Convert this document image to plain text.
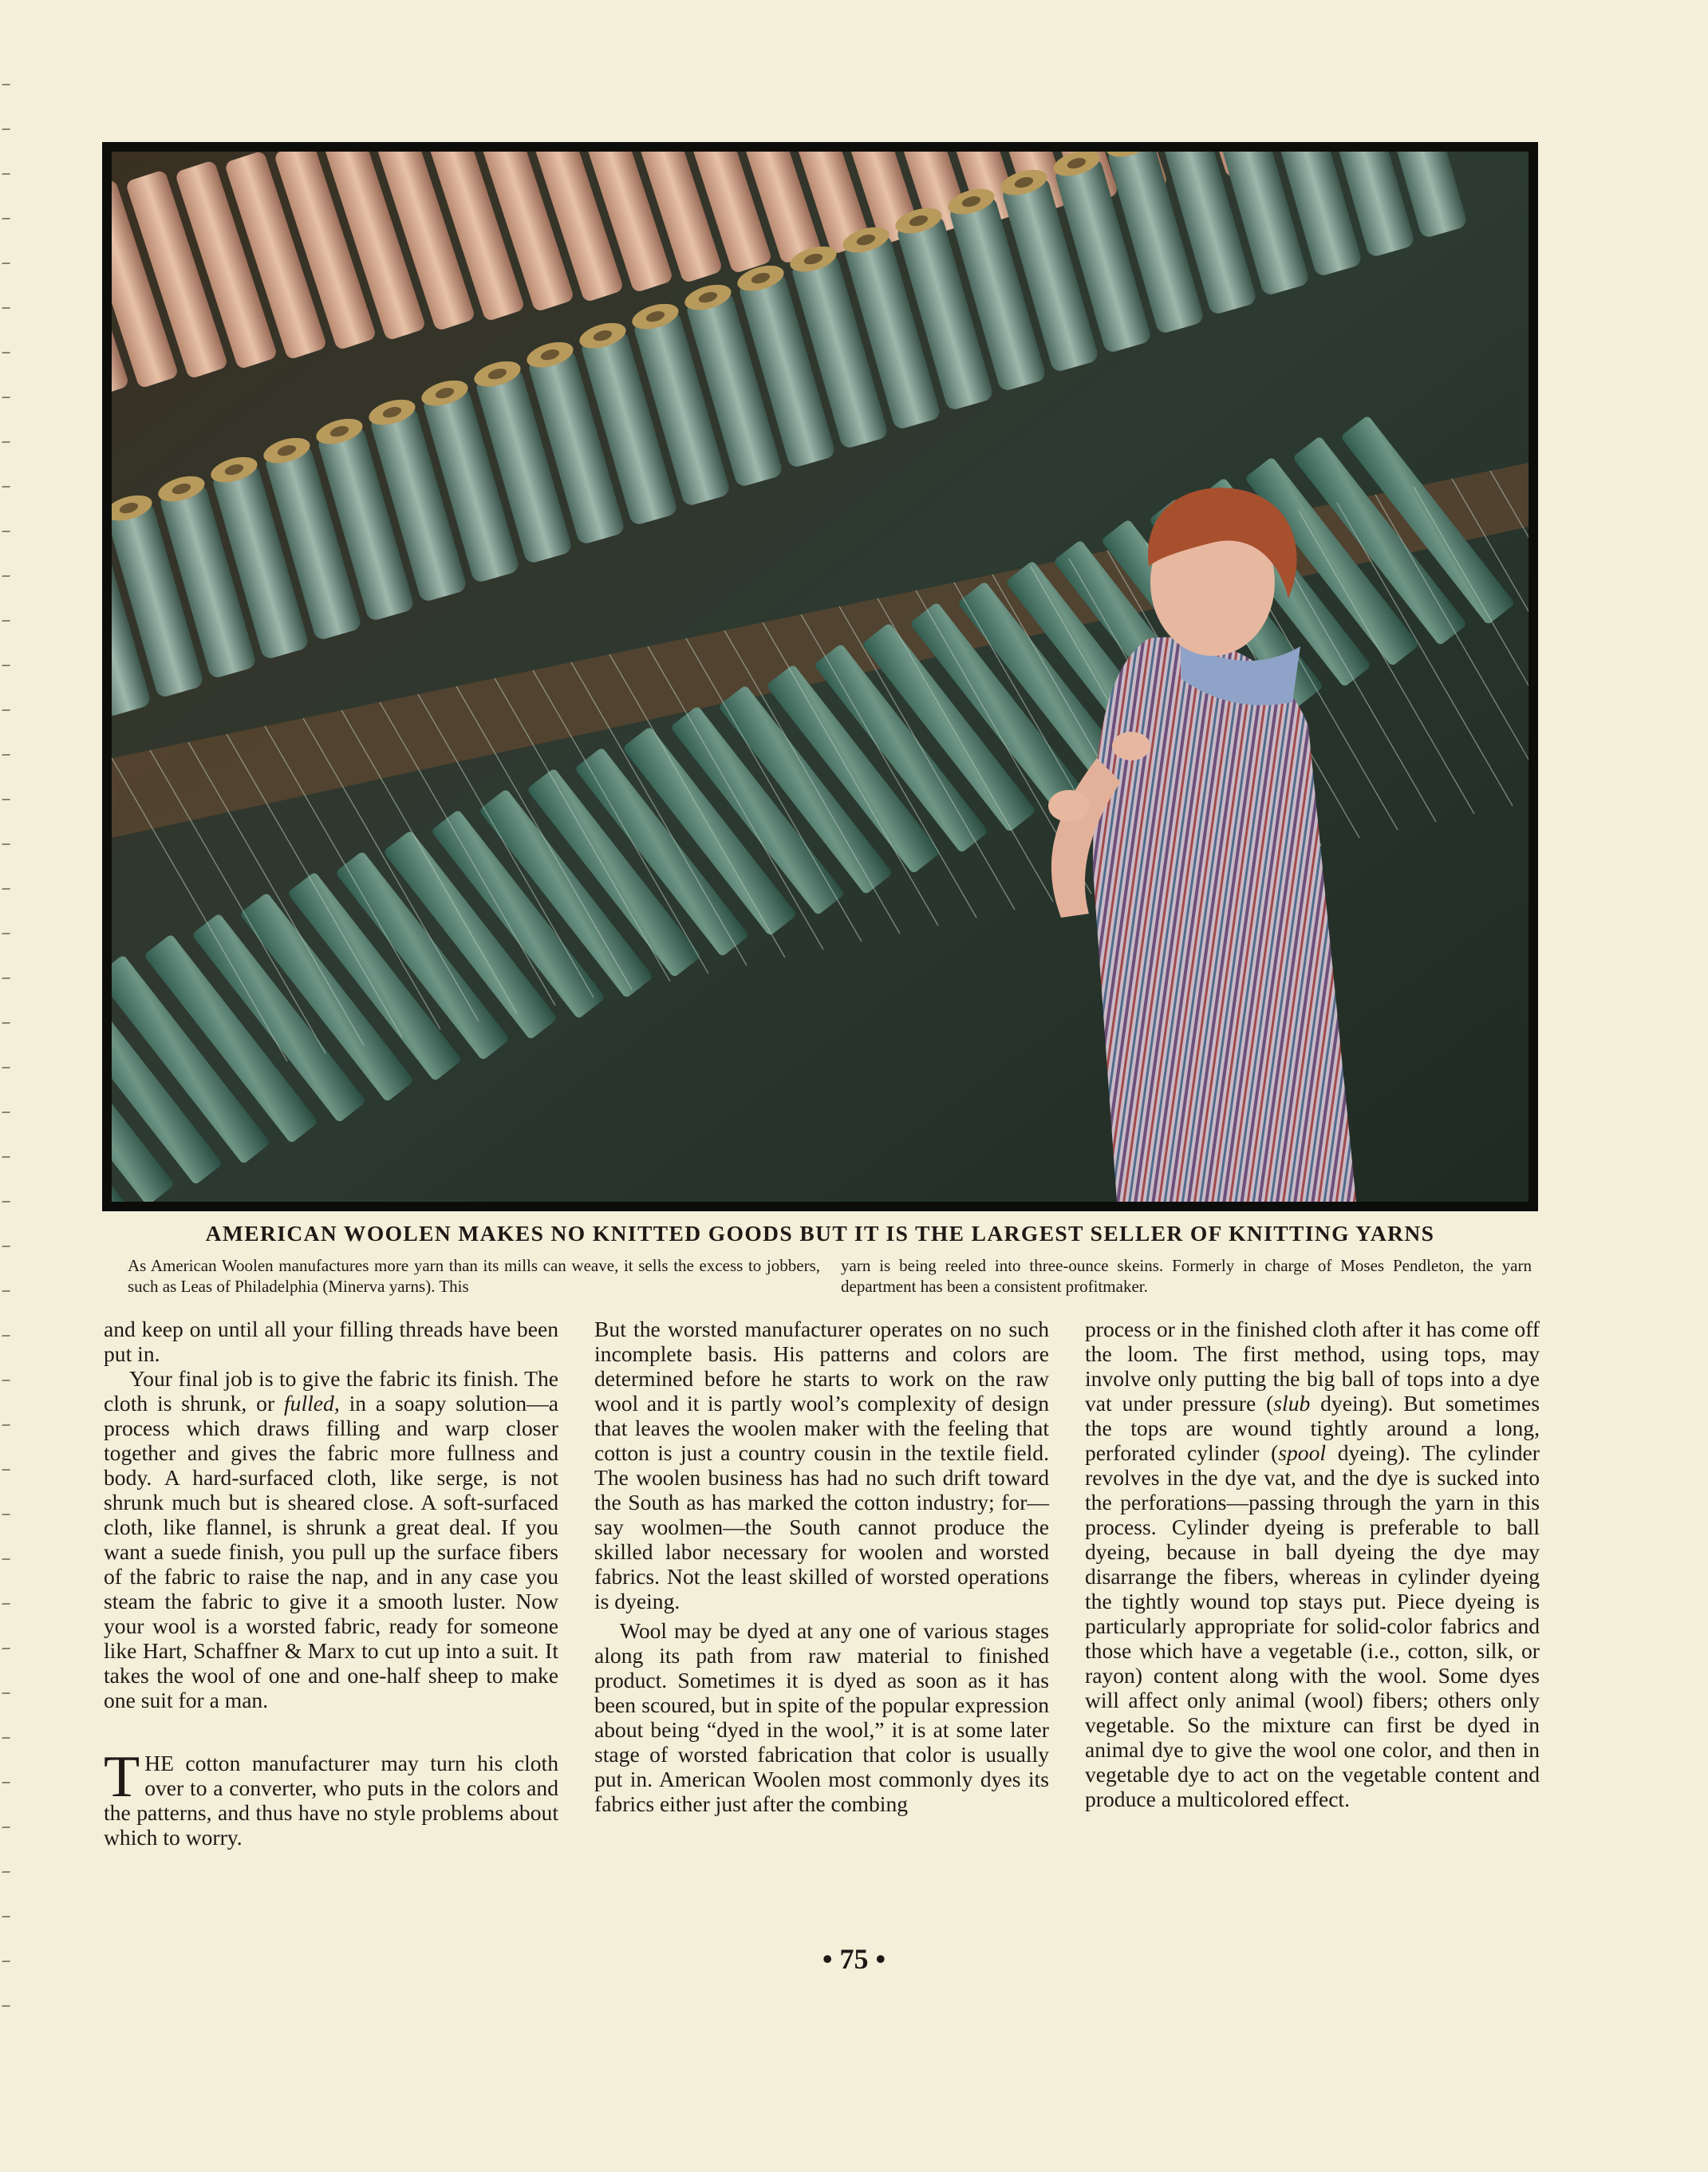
AMERICAN WOOLEN MAKES NO KNITTED GOODS BUT IT IS THE LARGEST SELLER OF KNITTING YARNS
As American Woolen manufactures more yarn than its mills can weave, it sells the excess to jobbers, such as Leas of Philadelphia (Minerva yarns). This
yarn is being reeled into three-ounce skeins. Formerly in charge of Moses Pendleton, the yarn department has been a consistent profitmaker.

and keep on until all your filling threads have been put in.

Your final job is to give the fabric its finish. The cloth is shrunk, or fulled, in a soapy solution—a process which draws filling and warp closer together and gives the fabric more fullness and body. A hard-surfaced cloth, like serge, is not shrunk much but is sheared close. A soft-surfaced cloth, like flannel, is shrunk a great deal. If you want a suede finish, you pull up the surface fibers of the fabric to raise the nap, and in any case you steam the fabric to give it a smooth luster. Now your wool is a worsted fabric, ready for someone like Hart, Schaffner & Marx to cut up into a suit. It takes the wool of one and one-half sheep to make one suit for a man.

THE cotton manufacturer may turn his cloth over to a converter, who puts in the colors and the patterns, and thus have no style problems about which to worry.

But the worsted manufacturer operates on no such incomplete basis. His patterns and colors are determined before he starts to work on the raw wool and it is partly wool’s complexity of design that leaves the woolen maker with the feeling that cotton is just a country cousin in the textile field. The woolen business has had no such drift toward the South as has marked the cotton industry; for—say woolmen—the South cannot produce the skilled labor necessary for woolen and worsted fabrics. Not the least skilled of worsted operations is dyeing.

Wool may be dyed at any one of various stages along its path from raw material to finished product. Sometimes it is dyed as soon as it has been scoured, but in spite of the popular expression about being “dyed in the wool,” it is at some later stage of worsted fabrication that color is usually put in. American Woolen most commonly dyes its fabrics either just after the combing

process or in the finished cloth after it has come off the loom. The first method, using tops, may involve only putting the big ball of tops into a dye vat under pressure (slub dyeing). But sometimes the tops are wound tightly around a long, perforated cylinder (spool dyeing). The cylinder revolves in the dye vat, and the dye is sucked into the perforations—passing through the yarn in this process. Cylinder dyeing is preferable to ball dyeing, because in ball dyeing the dye may disarrange the fibers, whereas in cylinder dyeing the tightly wound top stays put. Piece dyeing is particularly appropriate for solid-color fabrics and those which have a vegetable (i.e., cotton, silk, or rayon) content along with the wool. Some dyes will affect only animal (wool) fibers; others only vegetable. So the mixture can first be dyed in animal dye to give the wool one color, and then in vegetable dye to act on the vegetable content and produce a multicolored effect.

• 75 •
